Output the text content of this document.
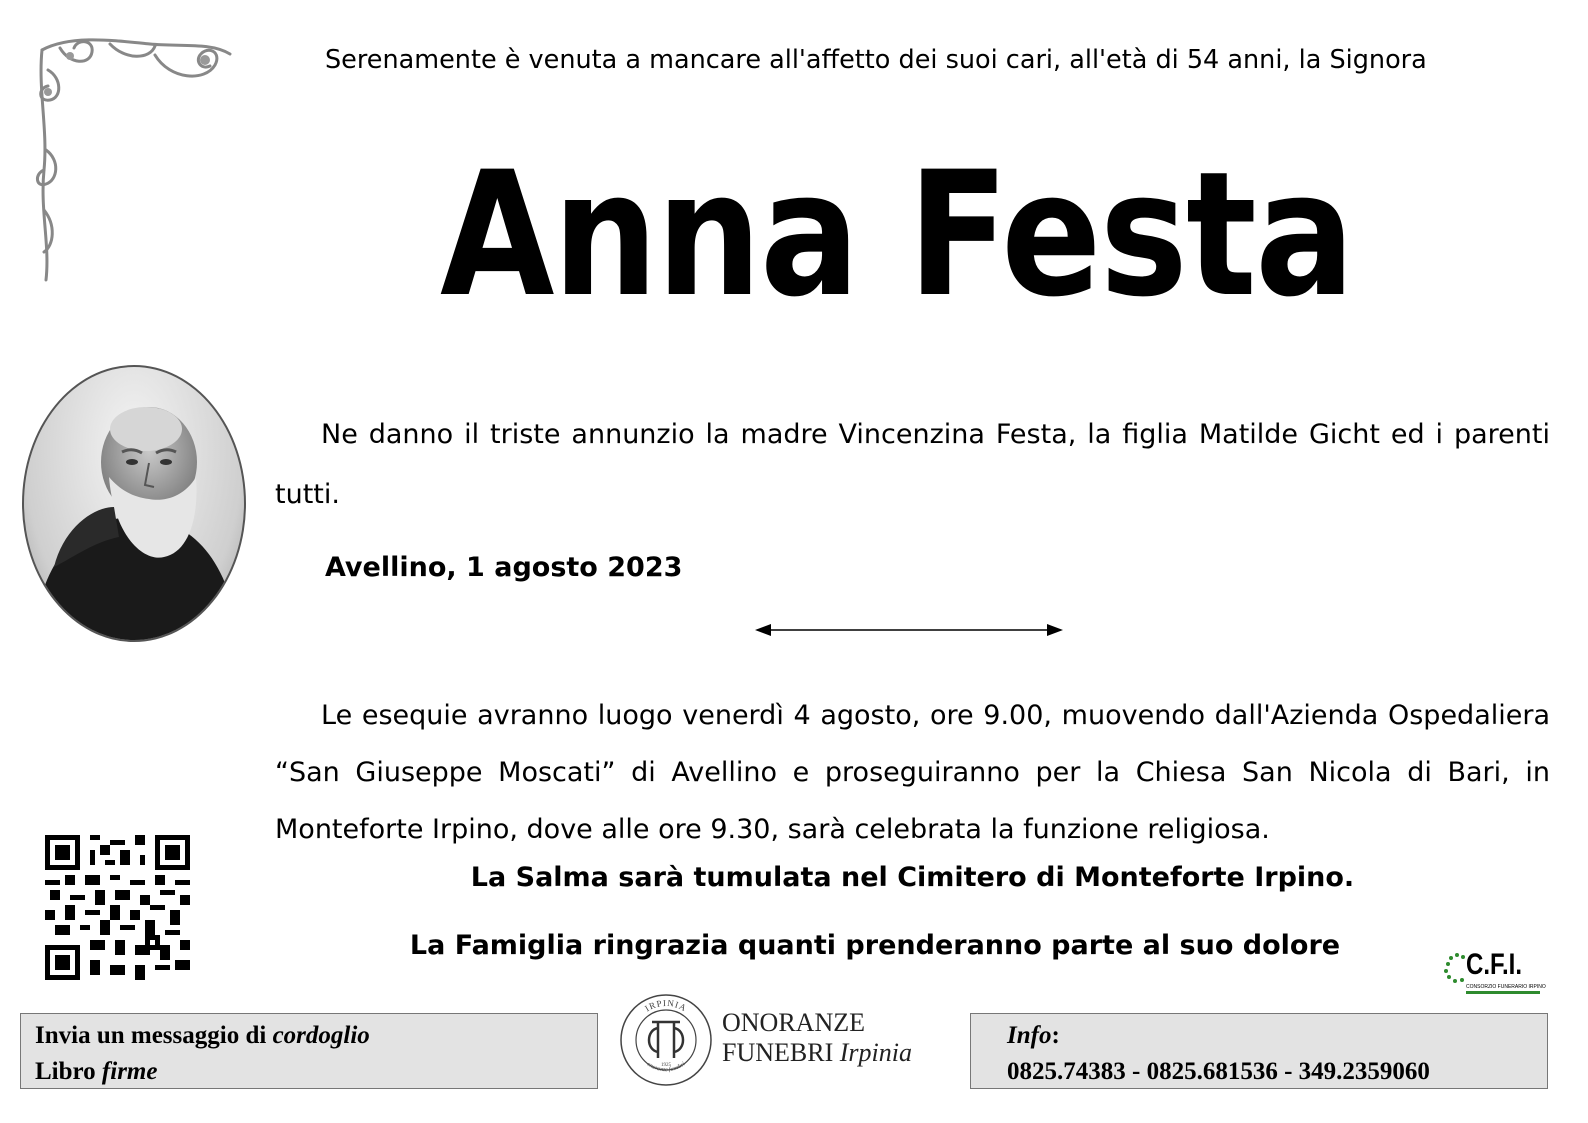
Serenamente è venuta a mancare all'affetto dei suoi cari, all'età di 54 anni, la Signora
Anna Festa
Ne danno il triste annunzio la madre Vincenzina Festa, la figlia Matilde Gicht ed i parenti tutti.
Avellino, 1 agosto 2023
Le esequie avranno luogo venerdì 4 agosto, ore 9.00, muovendo dall'Azienda Ospedaliera “San Giuseppe Moscati” di Avellino e proseguiranno per la Chiesa San Nicola di Bari, in Monteforte Irpino, dove alle ore 9.30, sarà celebrata la funzione religiosa.
La Salma sarà tumulata nel Cimitero di Monteforte Irpino.
La Famiglia ringrazia quanti prenderanno parte al suo dolore
C.F.I.
CONSORZIO FUNERARIO IRPINO
Invia un messaggio di cordoglio
Libro firme
IRPINIA
onoranze funebri
1925
ONORANZE
FUNEBRI Irpinia
Info:
0825.74383 - 0825.681536 - 349.2359060
